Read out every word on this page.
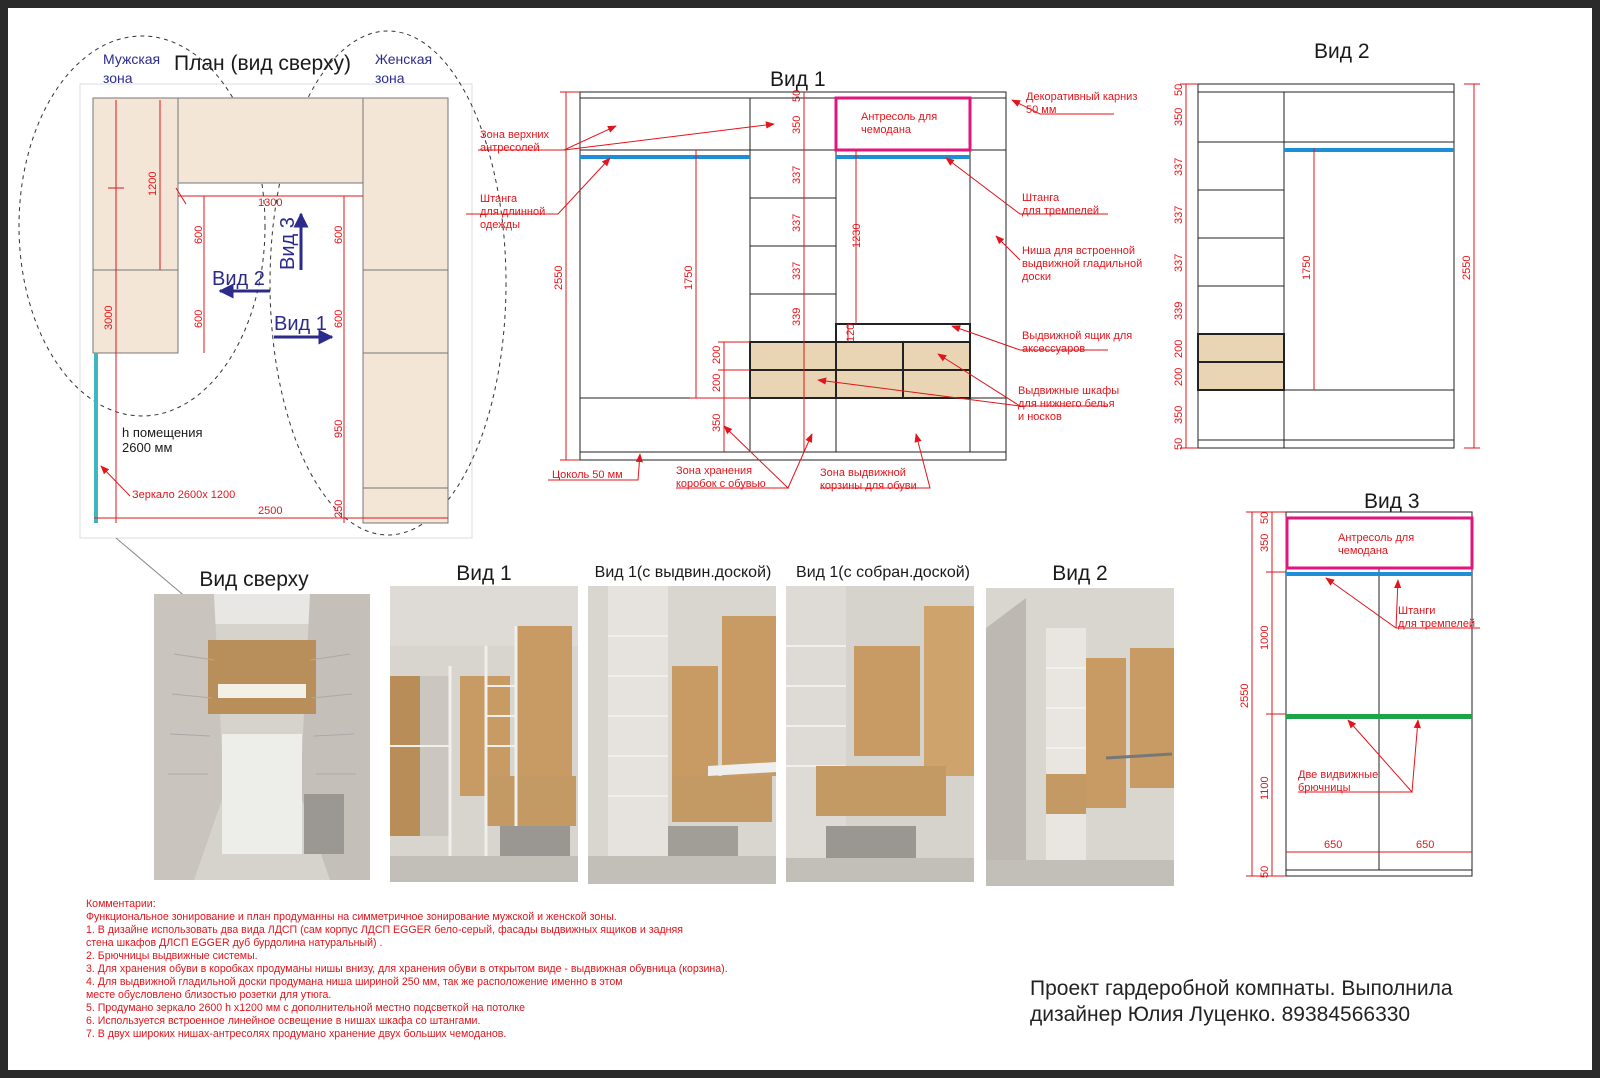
План (вид сверху)
Мужская зона
Женская зона
1200
1300
600
600
600
600
3000
950
250
2500
Вид 2
Вид 1
Вид 3
h помещения 2600 мм
Зеркало 2600х 1200
Вид 1
Антресоль для чемодана
2550	1750
50
350
337
337
337
339
200
200
350
1230
120
Зона верхних антресолей
Штанга для длинной одежды
Декоративный карниз 50 мм
Штанга для тремпелей
Ниша для встроенной выдвижной гладильной доски
Выдвижной ящик для аксессуаров
Выдвижные шкафы для нижнего белья и носков
Цоколь 50 мм	Зона хранения коробок с обувью
Зона выдвижной корзины для обуви
Вид 2
50
350
337
337
337
339
200
200
350
50
1750	2550
Вид 3
Антресоль для чемодана
Штанги для тремпелей
Две видвижные брючницы
50
350
1000
2550
1100
50
650	650
Вид сверху	Вид 1	Вид 1(с выдвин.доской)	Вид 1(с собран.доской)	Вид 2
Комментарии:
Функциональное зонирование и план продуманны на симметричное зонирование мужской и женской зоны.
1. В дизайне использовать два вида ЛДСП (сам корпус ЛДСП EGGER бело-серый, фасады выдвижных ящиков и задняя
стена шкафов ДЛСП EGGER дуб бурдолина натуральный) .
2. Брючницы выдвижные системы.
3. Для хранения обуви в коробках продуманы нишы внизу, для хранения обуви в открытом виде - выдвижная обувница (корзина).
4. Для выдвижной гладильной доски продумана ниша шириной 250 мм, так же расположение именно в этом
месте обусловлено близостью розетки для утюга.
5. Продумано зеркало 2600 h х1200 мм с дополнительной местно подсветкой на потолке
6. Используется встроенное линейное освещение в нишах шкафа со штангами.
7. В двух широких нишах-антресолях продумано хранение двух больших чемоданов.
Проект гардеробной компнаты. Выполнила
дизайнер Юлия Луценко. 89384566330
